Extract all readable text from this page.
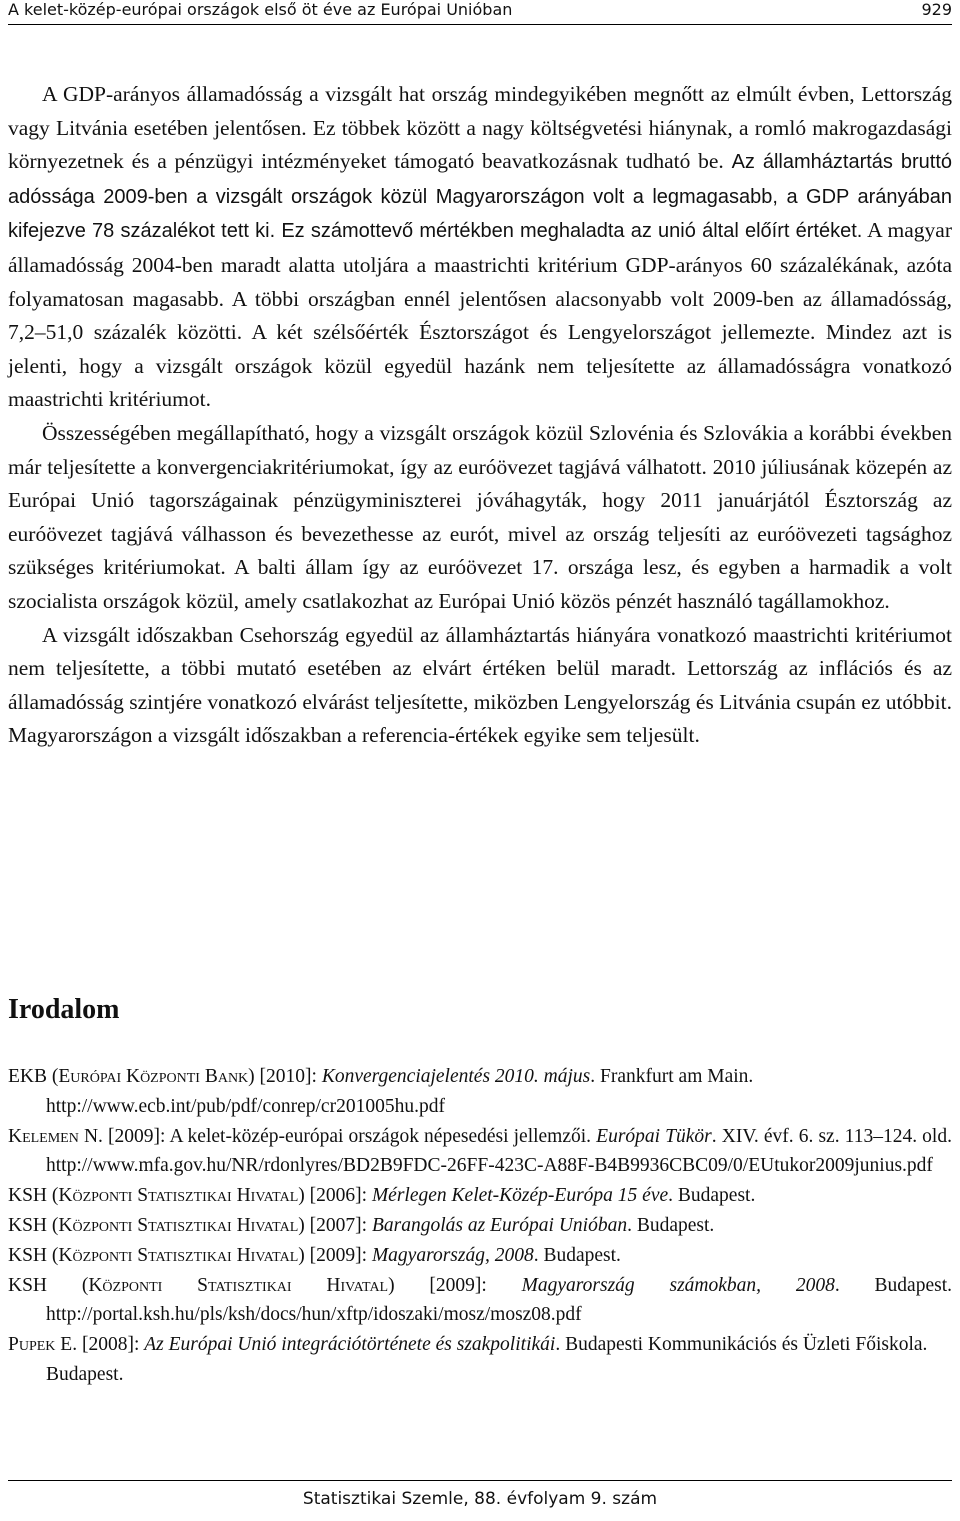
A kelet-közép-európai országok első öt éve az Európai Unióban	929

A GDP-arányos államadósság a vizsgált hat ország mindegyikében megnőtt az elmúlt évben, Lettország vagy Litvánia esetében jelentősen. Ez többek között a nagy költségvetési hiánynak, a romló makrogazdasági környezetnek és a pénzügyi intézményeket támogató beavatkozásnak tudható be. Az államháztartás bruttó adóssága 2009-ben a vizsgált országok közül Magyarországon volt a legmagasabb, a GDP arányában kifejezve 78 százalékot tett ki. Ez számottevő mértékben meghaladta az unió által előírt értéket. A magyar államadósság 2004-ben maradt alatta utoljára a maastrichti kritérium GDP-arányos 60 százalékának, azóta folyamatosan magasabb. A többi országban ennél jelentősen alacsonyabb volt 2009-ben az államadósság, 7,2–51,0 százalék közötti. A két szélsőérték Észtországot és Lengyelországot jellemezte. Mindez azt is jelenti, hogy a vizsgált országok közül egyedül hazánk nem teljesítette az államadósságra vonatkozó maastrichti kritériumot.

Összességében megállapítható, hogy a vizsgált országok közül Szlovénia és Szlovákia a korábbi években már teljesítette a konvergenciakritériumokat, így az euróövezet tagjává válhatott. 2010 júliusának közepén az Európai Unió tagországainak pénzügyminiszterei jóváhagyták, hogy 2011 januárjától Észtország az euróövezet tagjává válhasson és bevezethesse az eurót, mivel az ország teljesíti az euróövezeti tagsághoz szükséges kritériumokat. A balti állam így az euróövezet 17. országa lesz, és egyben a harmadik a volt szocialista országok közül, amely csatlakozhat az Európai Unió közös pénzét használó tagállamokhoz.

A vizsgált időszakban Csehország egyedül az államháztartás hiányára vonatkozó maastrichti kritériumot nem teljesítette, a többi mutató esetében az elvárt értéken belül maradt. Lettország az inflációs és az államadósság szintjére vonatkozó elvárást teljesítette, miközben Lengyelország és Litvánia csupán ez utóbbit. Magyarországon a vizsgált időszakban a referencia-értékek egyike sem teljesült.

Irodalom
EKB (Európai Központi Bank) [2010]: Konvergenciajelentés 2010. május. Frankfurt am Main. http://www.ecb.int/pub/pdf/conrep/cr201005hu.pdf
Kelemen N. [2009]: A kelet-közép-európai országok népesedési jellemzői. Európai Tükör. XIV. évf. 6. sz. 113–124. old. http://www.mfa.gov.hu/NR/rdonlyres/BD2B9FDC-26FF-423C-A88F-B4B9936CBC09/0/EUtukor2009junius.pdf
KSH (Központi Statisztikai Hivatal) [2006]: Mérlegen Kelet-Közép-Európa 15 éve. Budapest.
KSH (Központi Statisztikai Hivatal) [2007]: Barangolás az Európai Unióban. Budapest.
KSH (Központi Statisztikai Hivatal) [2009]: Magyarország, 2008. Budapest.
KSH (Központi Statisztikai Hivatal) [2009]: Magyarország számokban, 2008. Budapest. http://portal.ksh.hu/pls/ksh/docs/hun/xftp/idoszaki/mosz/mosz08.pdf
Pupek E. [2008]: Az Európai Unió integrációtörténete és szakpolitikái. Budapesti Kommunikációs és Üzleti Főiskola. Budapest.
Statisztikai Szemle, 88. évfolyam 9. szám
